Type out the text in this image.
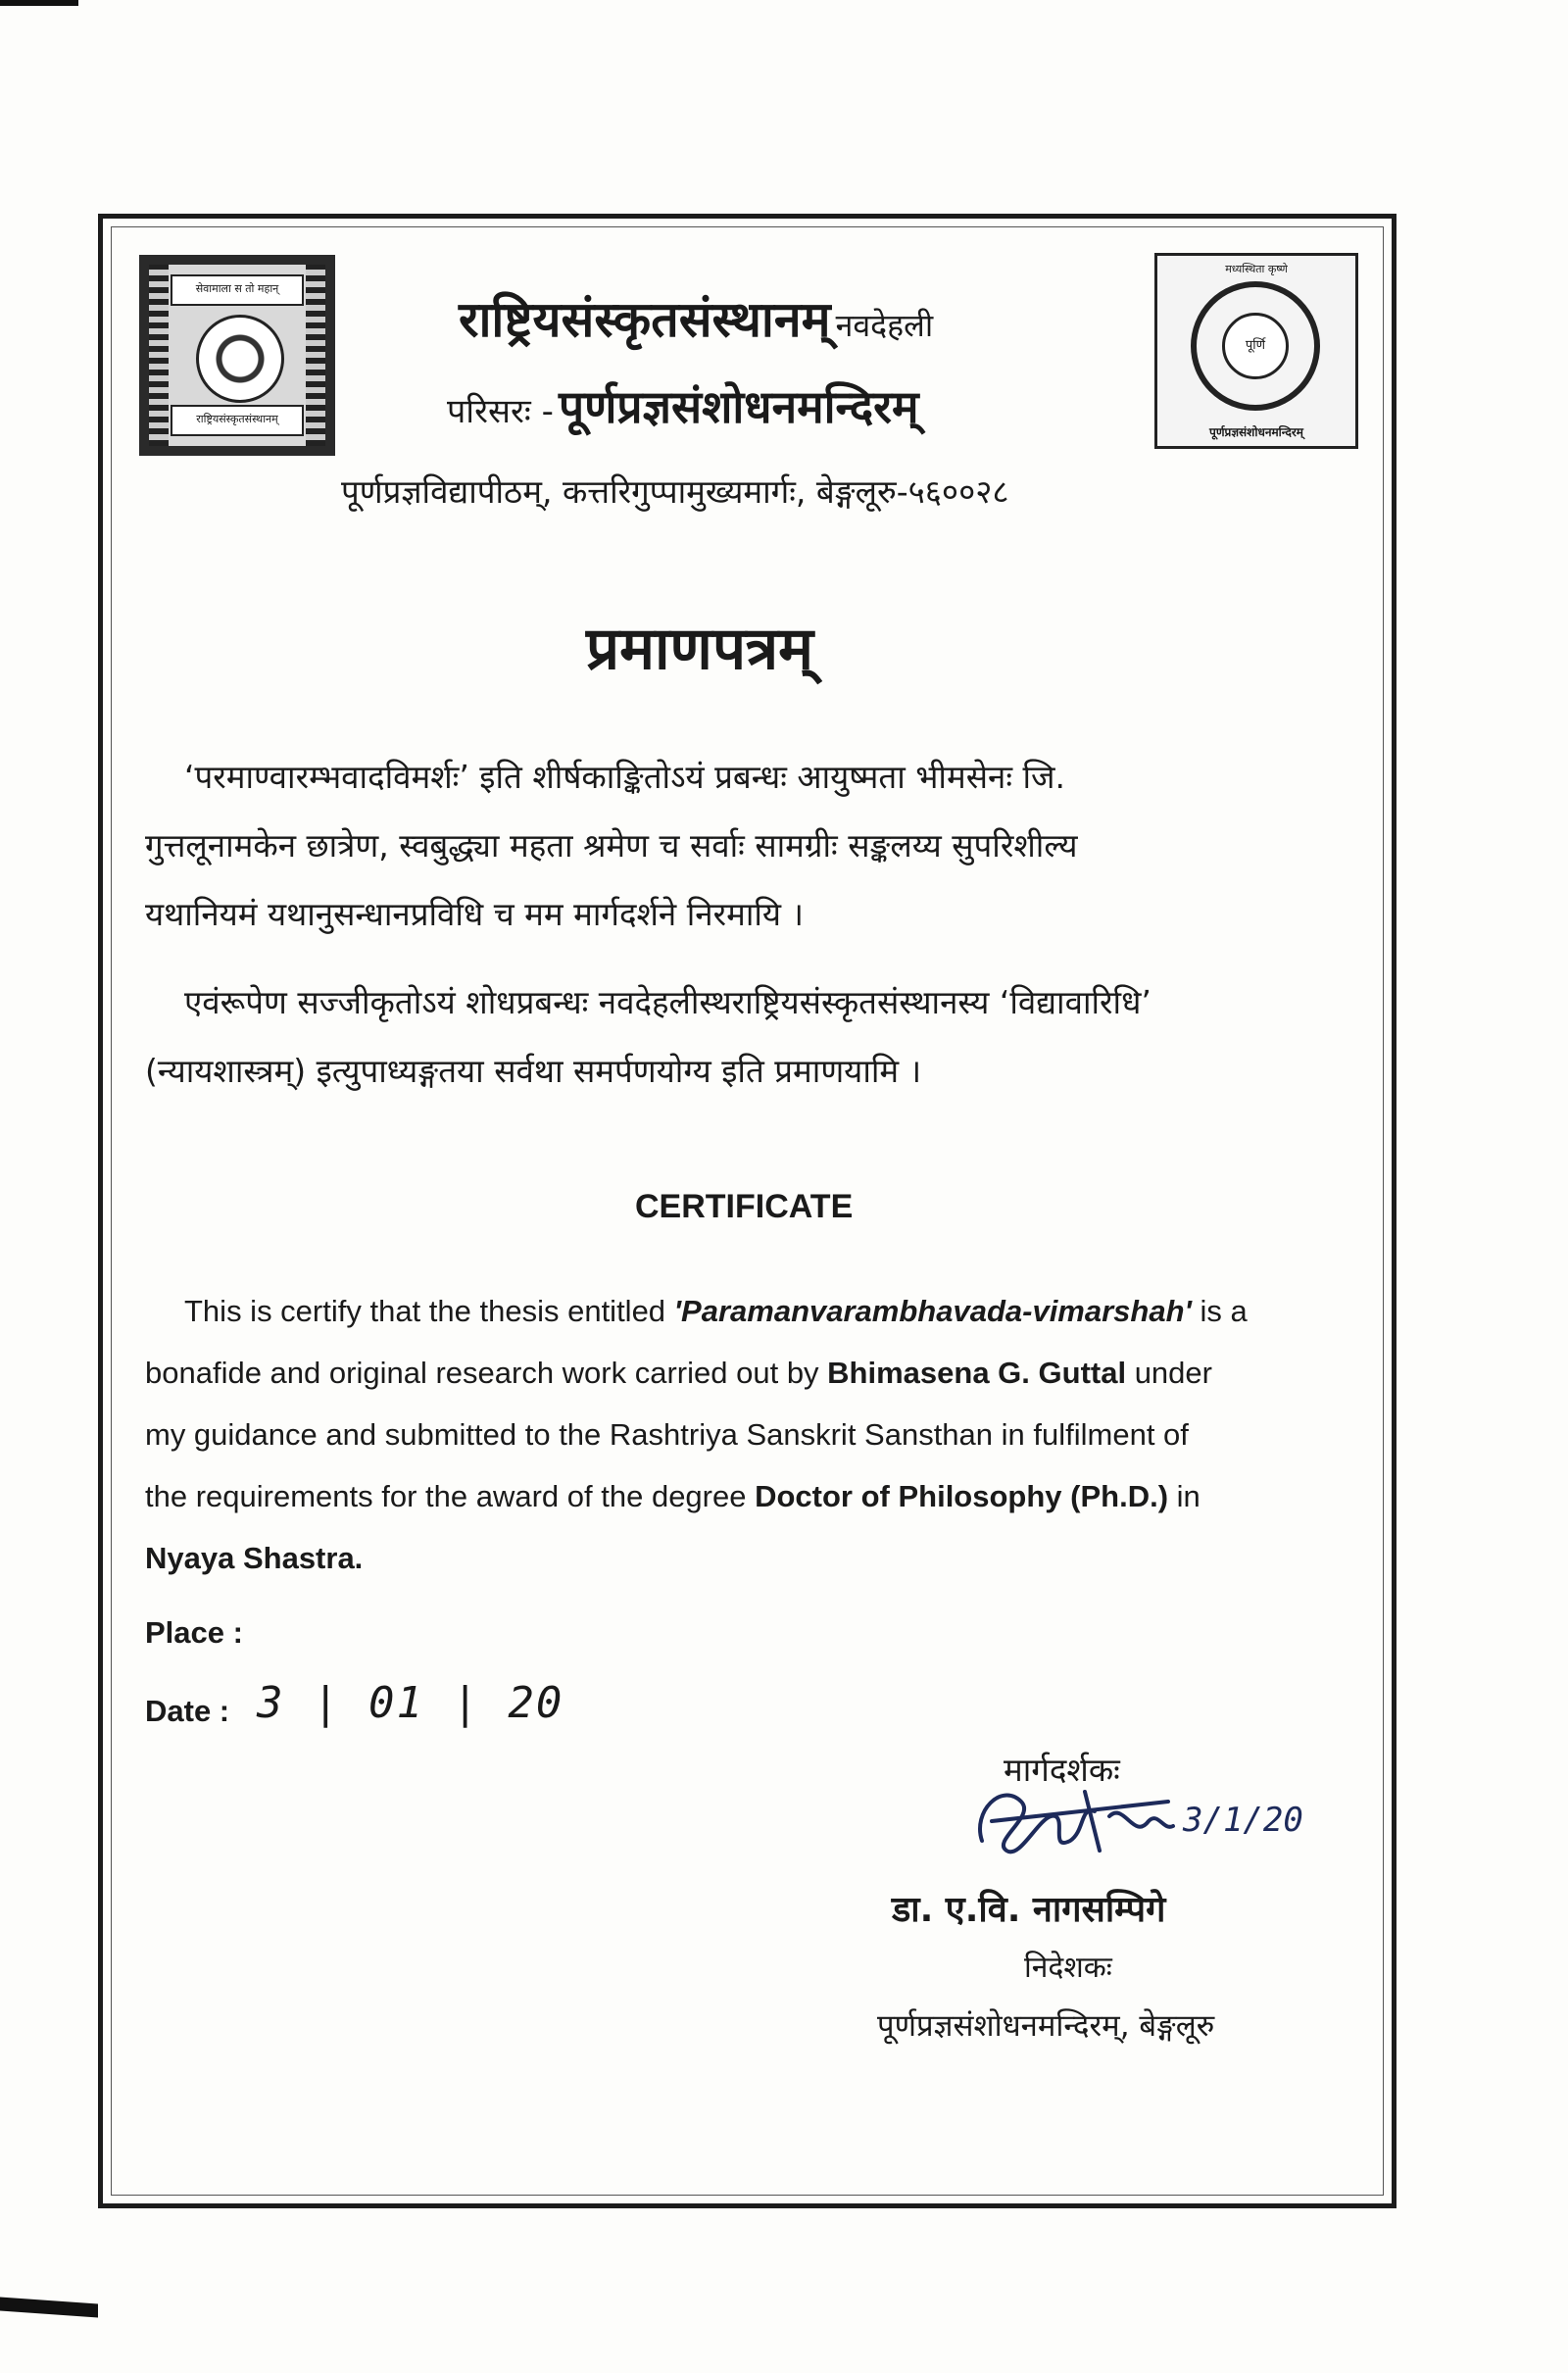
सेवामाला स तो महान्
राष्ट्रियसंस्कृतसंस्थानम्
मध्यस्थिता कृष्णे
पूर्णि
पूर्णप्रज्ञसंशोधनमन्दिरम्
राष्ट्रियसंस्कृतसंस्थानम् नवदेहली
परिसरः - पूर्णप्रज्ञसंशोधनमन्दिरम्
पूर्णप्रज्ञविद्यापीठम्, कत्तरिगुप्पामुख्यमार्गः, बेङ्गलूरु-५६००२८
प्रमाणपत्रम्
‘परमाण्वारम्भवादविमर्शः’ इति शीर्षकाङ्कितोऽयं प्रबन्धः आयुष्मता भीमसेनः जि.
गुत्तलूनामकेन छात्रेण, स्वबुद्ध्या महता श्रमेण च सर्वाः सामग्रीः सङ्कलय्य सुपरिशील्य
यथानियमं यथानुसन्धानप्रविधि च मम मार्गदर्शने निरमायि ।
एवंरूपेण सज्जीकृतोऽयं शोधप्रबन्धः नवदेहलीस्थराष्ट्रियसंस्कृतसंस्थानस्य ‘विद्यावारिधि’
(न्यायशास्त्रम्) इत्युपाध्यङ्गतया सर्वथा समर्पणयोग्य इति प्रमाणयामि ।
CERTIFICATE
This is certify that the thesis entitled 'Paramanvarambhavada-vimarshah' is a
bonafide and original research work carried out by Bhimasena G. Guttal under
my guidance and submitted to the Rashtriya Sanskrit Sansthan in fulfilment of
the requirements for the award of the degree Doctor of Philosophy (Ph.D.) in
Nyaya Shastra.
Place :
Date : 3 | 01 | 20
मार्गदर्शकः
3/1/20
डा. ए.वि. नागसम्पिगे
निदेशकः
पूर्णप्रज्ञसंशोधनमन्दिरम्, बेङ्गलूरु
